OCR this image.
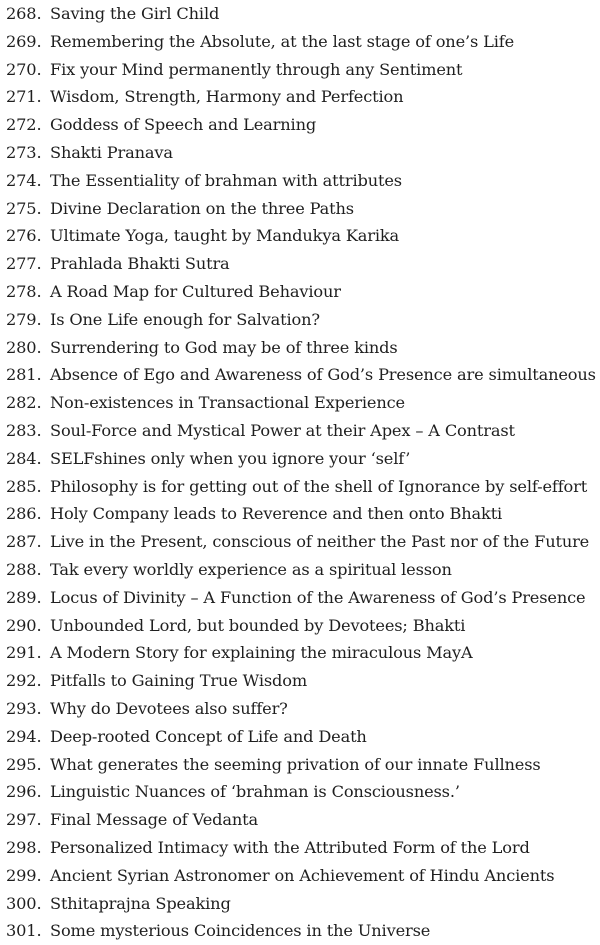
268. Saving the Girl Child
269. Remembering the Absolute, at the last stage of one’s Life
270. Fix your Mind permanently through any Sentiment
271. Wisdom, Strength, Harmony and Perfection
272. Goddess of Speech and Learning
273. Shakti Pranava
274. The Essentiality of brahman with attributes
275. Divine Declaration on the three Paths
276. Ultimate Yoga, taught by Mandukya Karika
277. Prahlada Bhakti Sutra
278. A Road Map for Cultured Behaviour
279. Is One Life enough for Salvation?
280. Surrendering to God may be of three kinds
281. Absence of Ego and Awareness of God’s Presence are simultaneous
282. Non-existences in Transactional Experience
283. Soul-Force and Mystical Power at their Apex – A Contrast
284. SELFshines only when you ignore your ‘self’
285. Philosophy is for getting out of the shell of Ignorance by self-effort
286. Holy Company leads to Reverence and then onto Bhakti
287. Live in the Present, conscious of neither the Past nor of the Future
288. Tak every worldly experience as a spiritual lesson
289. Locus of Divinity – A Function of the Awareness of God’s Presence
290. Unbounded Lord, but bounded by Devotees; Bhakti
291. A Modern Story for explaining the miraculous MayA
292. Pitfalls to Gaining True Wisdom
293. Why do Devotees also suffer?
294. Deep-rooted Concept of Life and Death
295. What generates the seeming privation of our innate Fullness
296. Linguistic Nuances of ‘brahman is Consciousness.’
297. Final Message of Vedanta
298. Personalized Intimacy with the Attributed Form of the Lord
299. Ancient Syrian Astronomer on Achievement of Hindu Ancients
300. Sthitaprajna Speaking
301. Some mysterious Coincidences in the Universe
